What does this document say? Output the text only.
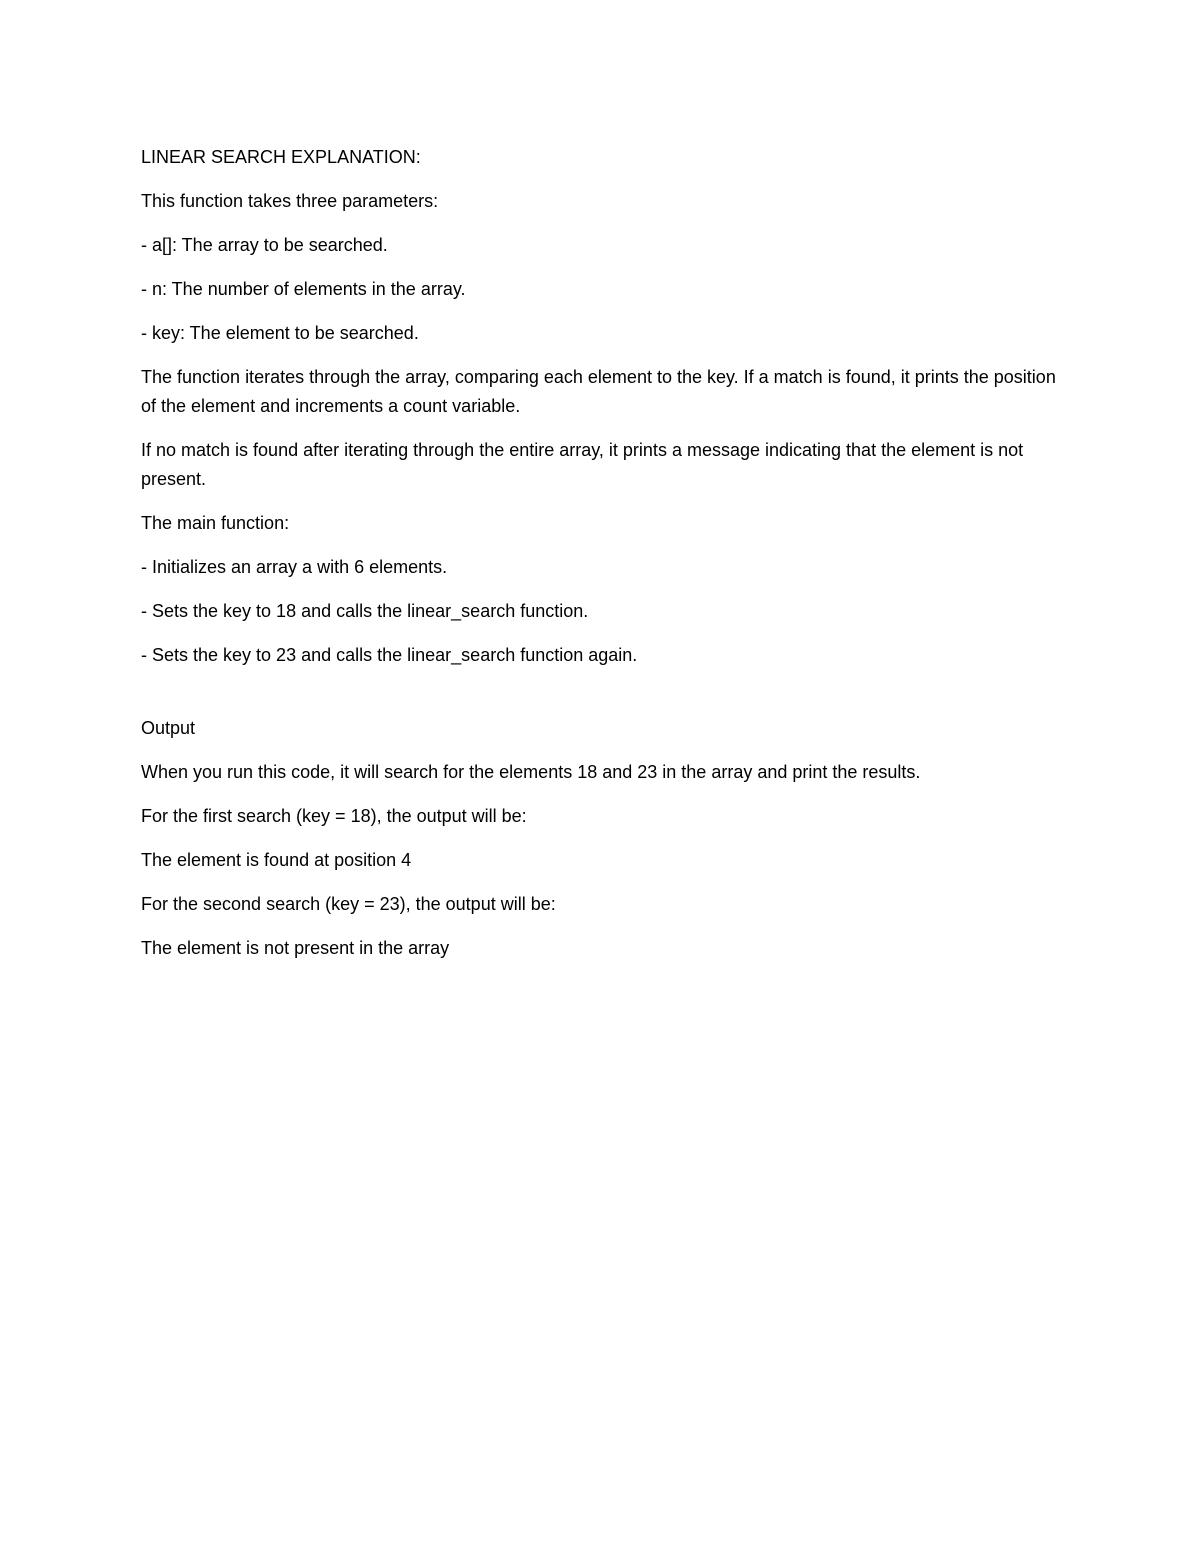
LINEAR SEARCH EXPLANATION:

This function takes three parameters:

- a[]: The array to be searched.

- n: The number of elements in the array.

- key: The element to be searched.

The function iterates through the array, comparing each element to the key. If a match is found, it prints the position of the element and increments a count variable.

If no match is found after iterating through the entire array, it prints a message indicating that the element is not present.

The main function:

- Initializes an array a with 6 elements.

- Sets the key to 18 and calls the linear_search function.

- Sets the key to 23 and calls the linear_search function again.

Output

When you run this code, it will search for the elements 18 and 23 in the array and print the results.

For the first search (key = 18), the output will be:

The element is found at position 4

For the second search (key = 23), the output will be:

The element is not present in the array
